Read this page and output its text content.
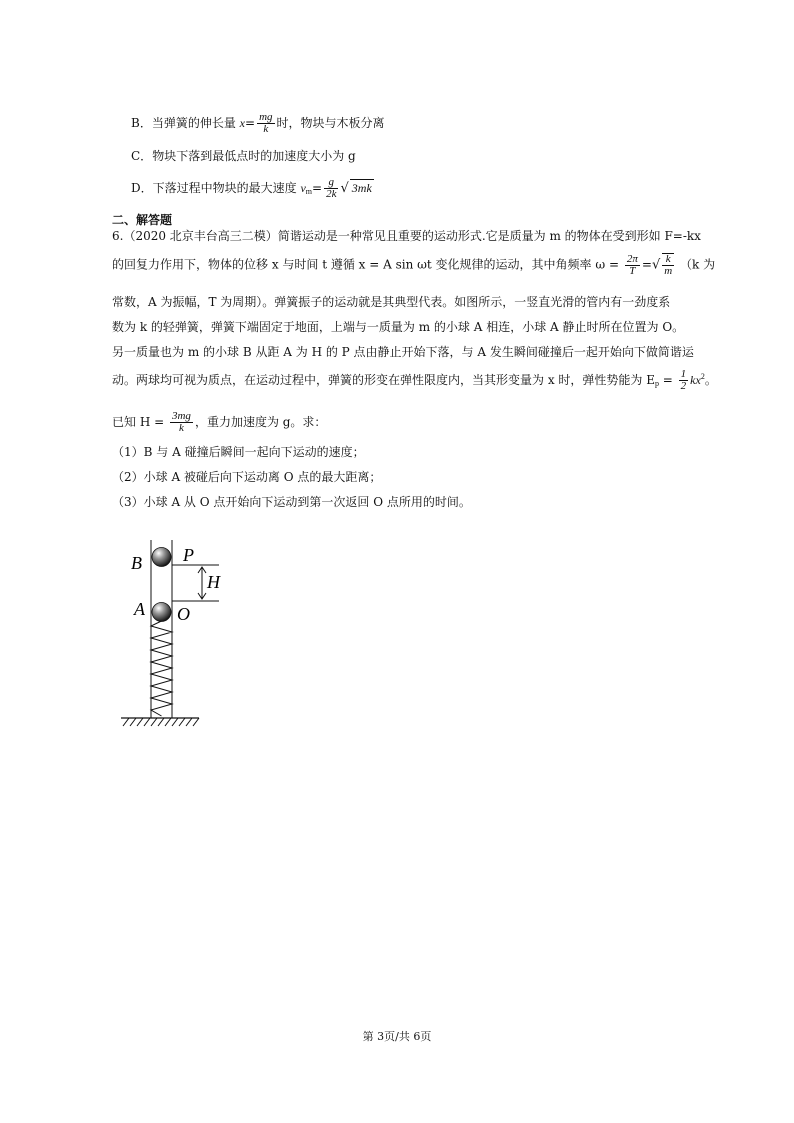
B．当弹簧的伸长量 $x= \frac{mg}{k}$ 时，物块与木板分离
C．物块下落到最低点时的加速度大小为 g
D．下落过程中物块的最大速度 $v_m= \frac{g}{2k}$ √ 3mk
二、解答题
6.（2020 北京丰台高三二模）简谐运动是一种常见且重要的运动形式.它是质量为 m 的物体在受到形如 F=-kx
的回复力作用下，物体的位移 x 与时间 t 遵循 x = A sin ωt 变化规律的运动，其中角频率 $\omega = \frac{2\pi}{T}$ =√ $\frac{k}{m} (k$ 为
常数，A 为振幅，T 为周期）。弹簧振子的运动就是其典型代表。如图所示，一竖直光滑的管内有一劲度系
数为 k 的轻弹簧，弹簧下端固定于地面，上端与一质量为 m 的小球 A 相连，小球 A 静止时所在位置为 O。
另一质量也为 m 的小球 B 从距 A 为 H 的 P 点由静止开始下落，与 A 发生瞬间碰撞后一起开始向下做简谐运
动。两球均可视为质点，在运动过程中，弹簧的形变在弹性限度内，当其形变量为 x 时，弹性势能为 $E_p = \frac{1}{2} kx^2$。
已知 $H = \frac{3mg}{k}$ ，重力加速度为 g。求：
（1）B 与 A 碰撞后瞬间一起向下运动的速度；
（2）小球 A 被碰后向下运动离 O 点的最大距离；
（3）小球 A 从 O 点开始向下运动到第一次返回 O 点所用的时间。
B P
H
A O
第 3页/共 6页
